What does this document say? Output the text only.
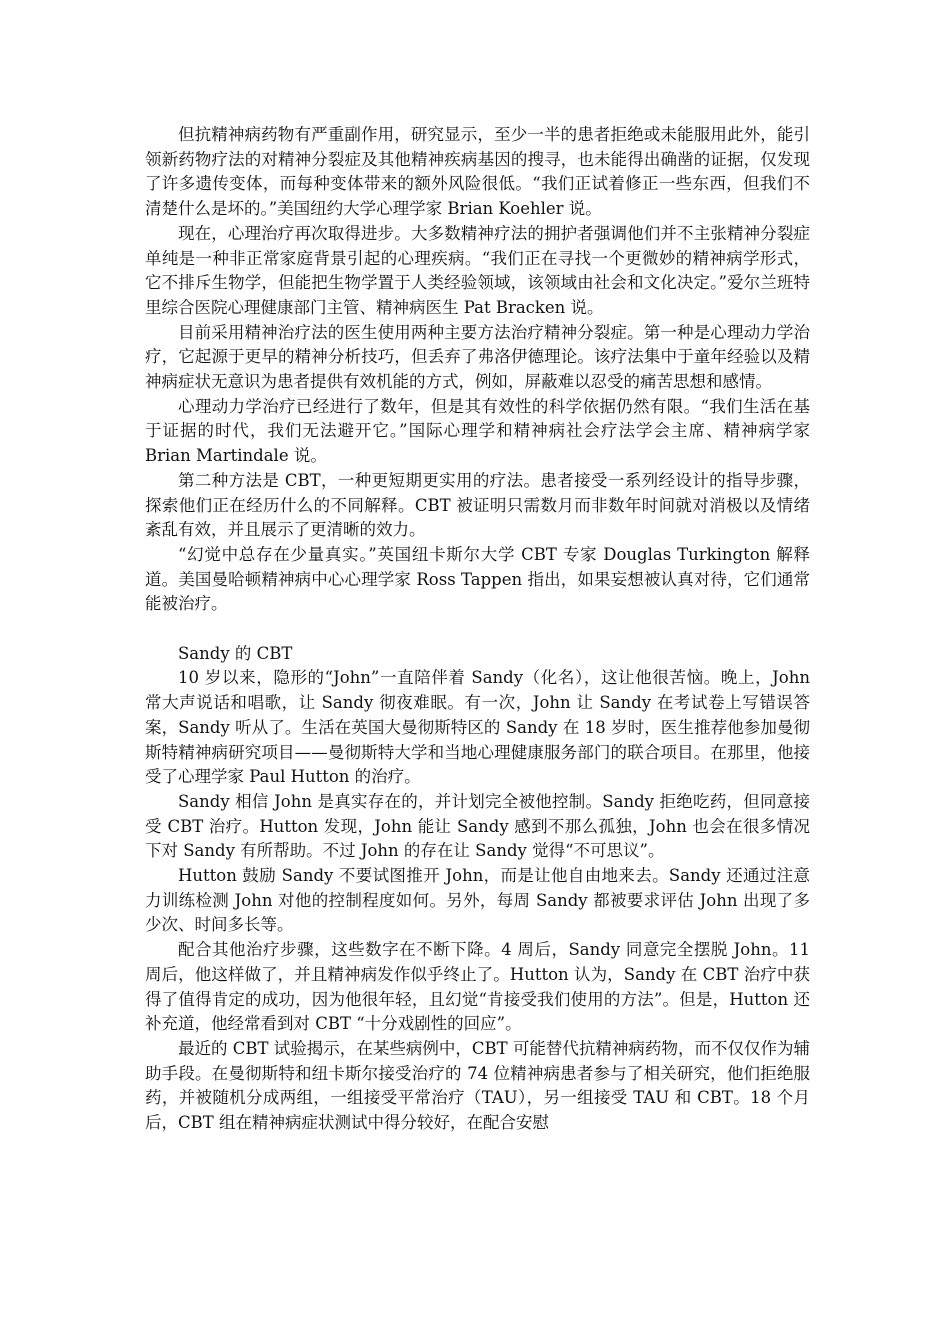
但抗精神病药物有严重副作用，研究显示，至少一半的患者拒绝或未能服用此外，能引领新药物疗法的对精神分裂症及其他精神疾病基因的搜寻，也未能得出确凿的证据，仅发现了许多遗传变体，而每种变体带来的额外风险很低。“我们正试着修正一些东西，但我们不清楚什么是坏的。”美国纽约大学心理学家 Brian Koehler 说。

现在，心理治疗再次取得进步。大多数精神疗法的拥护者强调他们并不主张精神分裂症单纯是一种非正常家庭背景引起的心理疾病。“我们正在寻找一个更微妙的精神病学形式，它不排斥生物学，但能把生物学置于人类经验领域，该领域由社会和文化决定。”爱尔兰班特里综合医院心理健康部门主管、精神病医生 Pat Bracken 说。

目前采用精神治疗法的医生使用两种主要方法治疗精神分裂症。第一种是心理动力学治疗，它起源于更早的精神分析技巧，但丢弃了弗洛伊德理论。该疗法集中于童年经验以及精神病症状无意识为患者提供有效机能的方式，例如，屏蔽难以忍受的痛苦思想和感情。

心理动力学治疗已经进行了数年，但是其有效性的科学依据仍然有限。“我们生活在基于证据的时代，我们无法避开它。”国际心理学和精神病社会疗法学会主席、精神病学家 Brian Martindale 说。

第二种方法是 CBT，一种更短期更实用的疗法。患者接受一系列经设计的指导步骤，探索他们正在经历什么的不同解释。CBT 被证明只需数月而非数年时间就对消极以及情绪紊乱有效，并且展示了更清晰的效力。

“幻觉中总存在少量真实。”英国纽卡斯尔大学 CBT 专家 Douglas Turkington 解释道。美国曼哈顿精神病中心心理学家 Ross Tappen 指出，如果妄想被认真对待，它们通常能被治疗。

Sandy 的 CBT

10 岁以来，隐形的“John”一直陪伴着 Sandy（化名），这让他很苦恼。晚上，John 常大声说话和唱歌，让 Sandy 彻夜难眠。有一次，John 让 Sandy 在考试卷上写错误答案，Sandy 听从了。生活在英国大曼彻斯特区的 Sandy 在 18 岁时，医生推荐他参加曼彻斯特精神病研究项目——曼彻斯特大学和当地心理健康服务部门的联合项目。在那里，他接受了心理学家 Paul Hutton 的治疗。

Sandy 相信 John 是真实存在的，并计划完全被他控制。Sandy 拒绝吃药，但同意接受 CBT 治疗。Hutton 发现，John 能让 Sandy 感到不那么孤独，John 也会在很多情况下对 Sandy 有所帮助。不过 John 的存在让 Sandy 觉得“不可思议”。

Hutton 鼓励 Sandy 不要试图推开 John，而是让他自由地来去。Sandy 还通过注意力训练检测 John 对他的控制程度如何。另外，每周 Sandy 都被要求评估 John 出现了多少次、时间多长等。

配合其他治疗步骤，这些数字在不断下降。4 周后，Sandy 同意完全摆脱 John。11 周后，他这样做了，并且精神病发作似乎终止了。Hutton 认为，Sandy 在 CBT 治疗中获得了值得肯定的成功，因为他很年轻，且幻觉“肯接受我们使用的方法”。但是，Hutton 还补充道，他经常看到对 CBT “十分戏剧性的回应”。

最近的 CBT 试验揭示，在某些病例中，CBT 可能替代抗精神病药物，而不仅仅作为辅助手段。在曼彻斯特和纽卡斯尔接受治疗的 74 位精神病患者参与了相关研究，他们拒绝服药，并被随机分成两组，一组接受平常治疗（TAU），另一组接受 TAU 和 CBT。18 个月后，CBT 组在精神病症状测试中得分较好，在配合安慰
